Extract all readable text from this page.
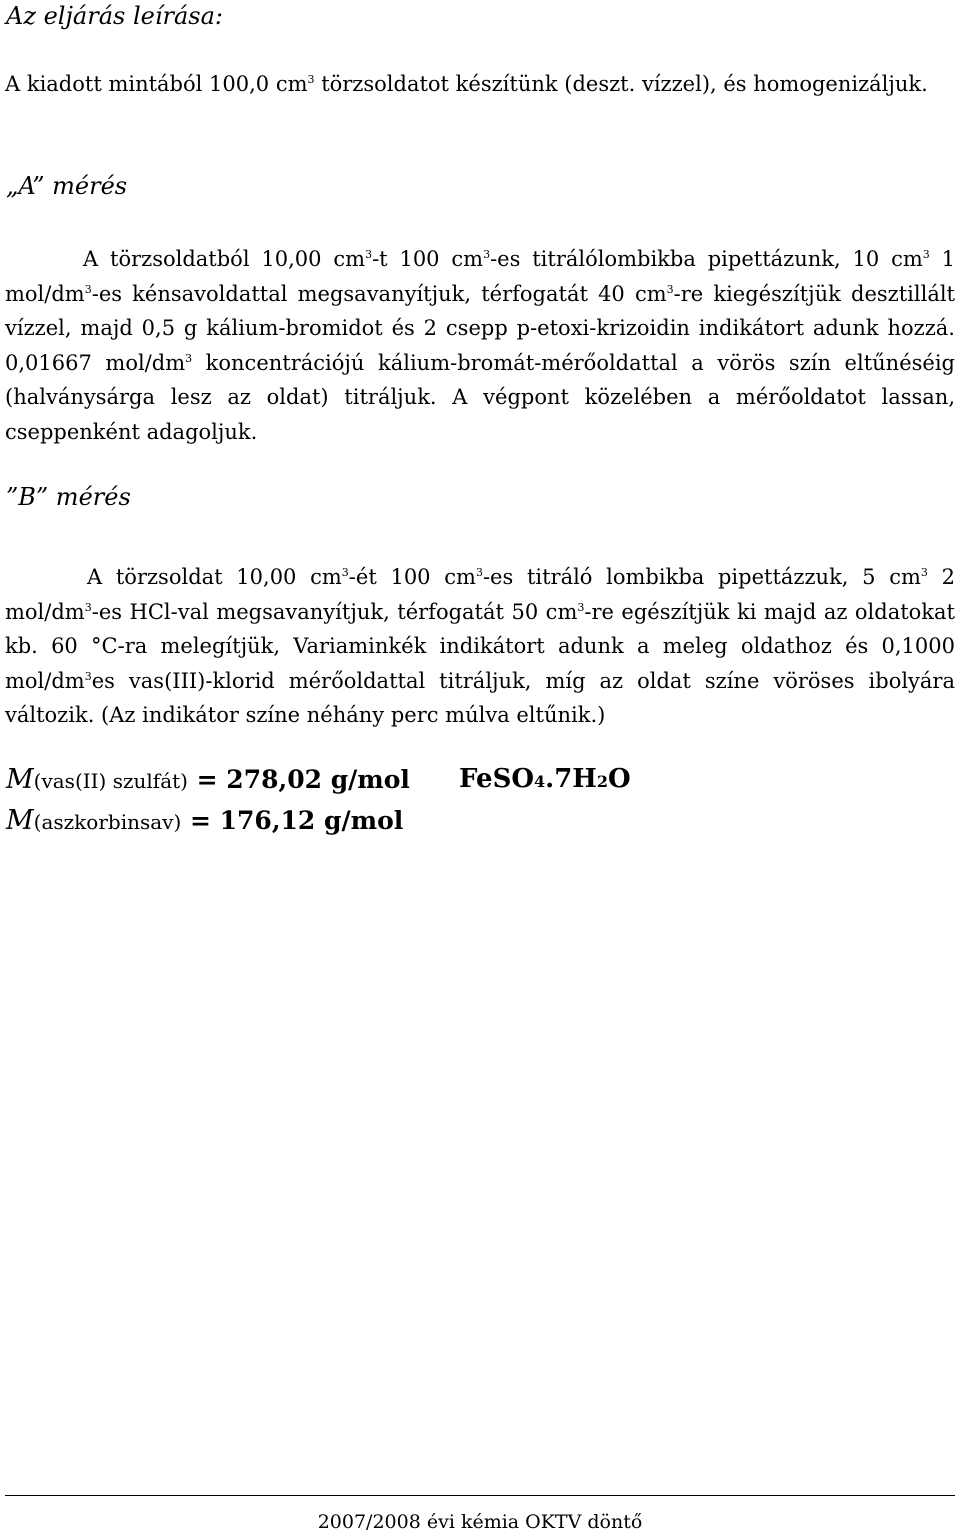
Az eljárás leírása:

A kiadott mintából 100,0 $cm^3$ törzsoldatot készítünk (deszt. vízzel), és homogenizáljuk.

„A” mérés

A törzsoldatból 10,00 $cm^3-t$ 100 $cm^3-es$ titrálólombikba pipettázunk, 10 $cm^3$ 1 mol/$dm^3-es$ kénsavoldattal megsavanyítjuk, térfogatát 40 $cm^3-re$ kiegészítjük desztillált vízzel, majd 0,5 g kálium-bromidot és 2 csepp p-etoxi-krizoidin indikátort adunk hozzá. 0,01667 mol/$dm^3$ koncentrációjú kálium-bromát-mérőoldattal a vörös szín eltűnéséig (halványsárga lesz az oldat) titráljuk. A végpont közelében a mérőoldatot lassan, cseppenként adagoljuk.

”B” mérés

A törzsoldat 10,00 $cm^3-ét$ 100 $cm^3-es$ titráló lombikba pipettázzuk, 5 $cm^3$ 2 mol/$dm^3-es$ HCl-val megsavanyítjuk, térfogatát 50 $cm^3-re$ egészítjük ki majd az oldatokat kb. 60 °C-ra melegítjük, Variaminkék indikátort adunk a meleg oldathoz és 0,1000 mol/$dm^3es$ vas(III)-klorid mérőoldattal titráljuk, míg az oldat színe vöröses ibolyára változik. (Az indikátor színe néhány perc múlva eltűnik.)

M(vas(II) szulfát) = 278,02 g/mol FeSO4.7H2O

M(aszkorbinsav) = 176,12 g/mol

2007/2008 évi kémia OKTV döntő
